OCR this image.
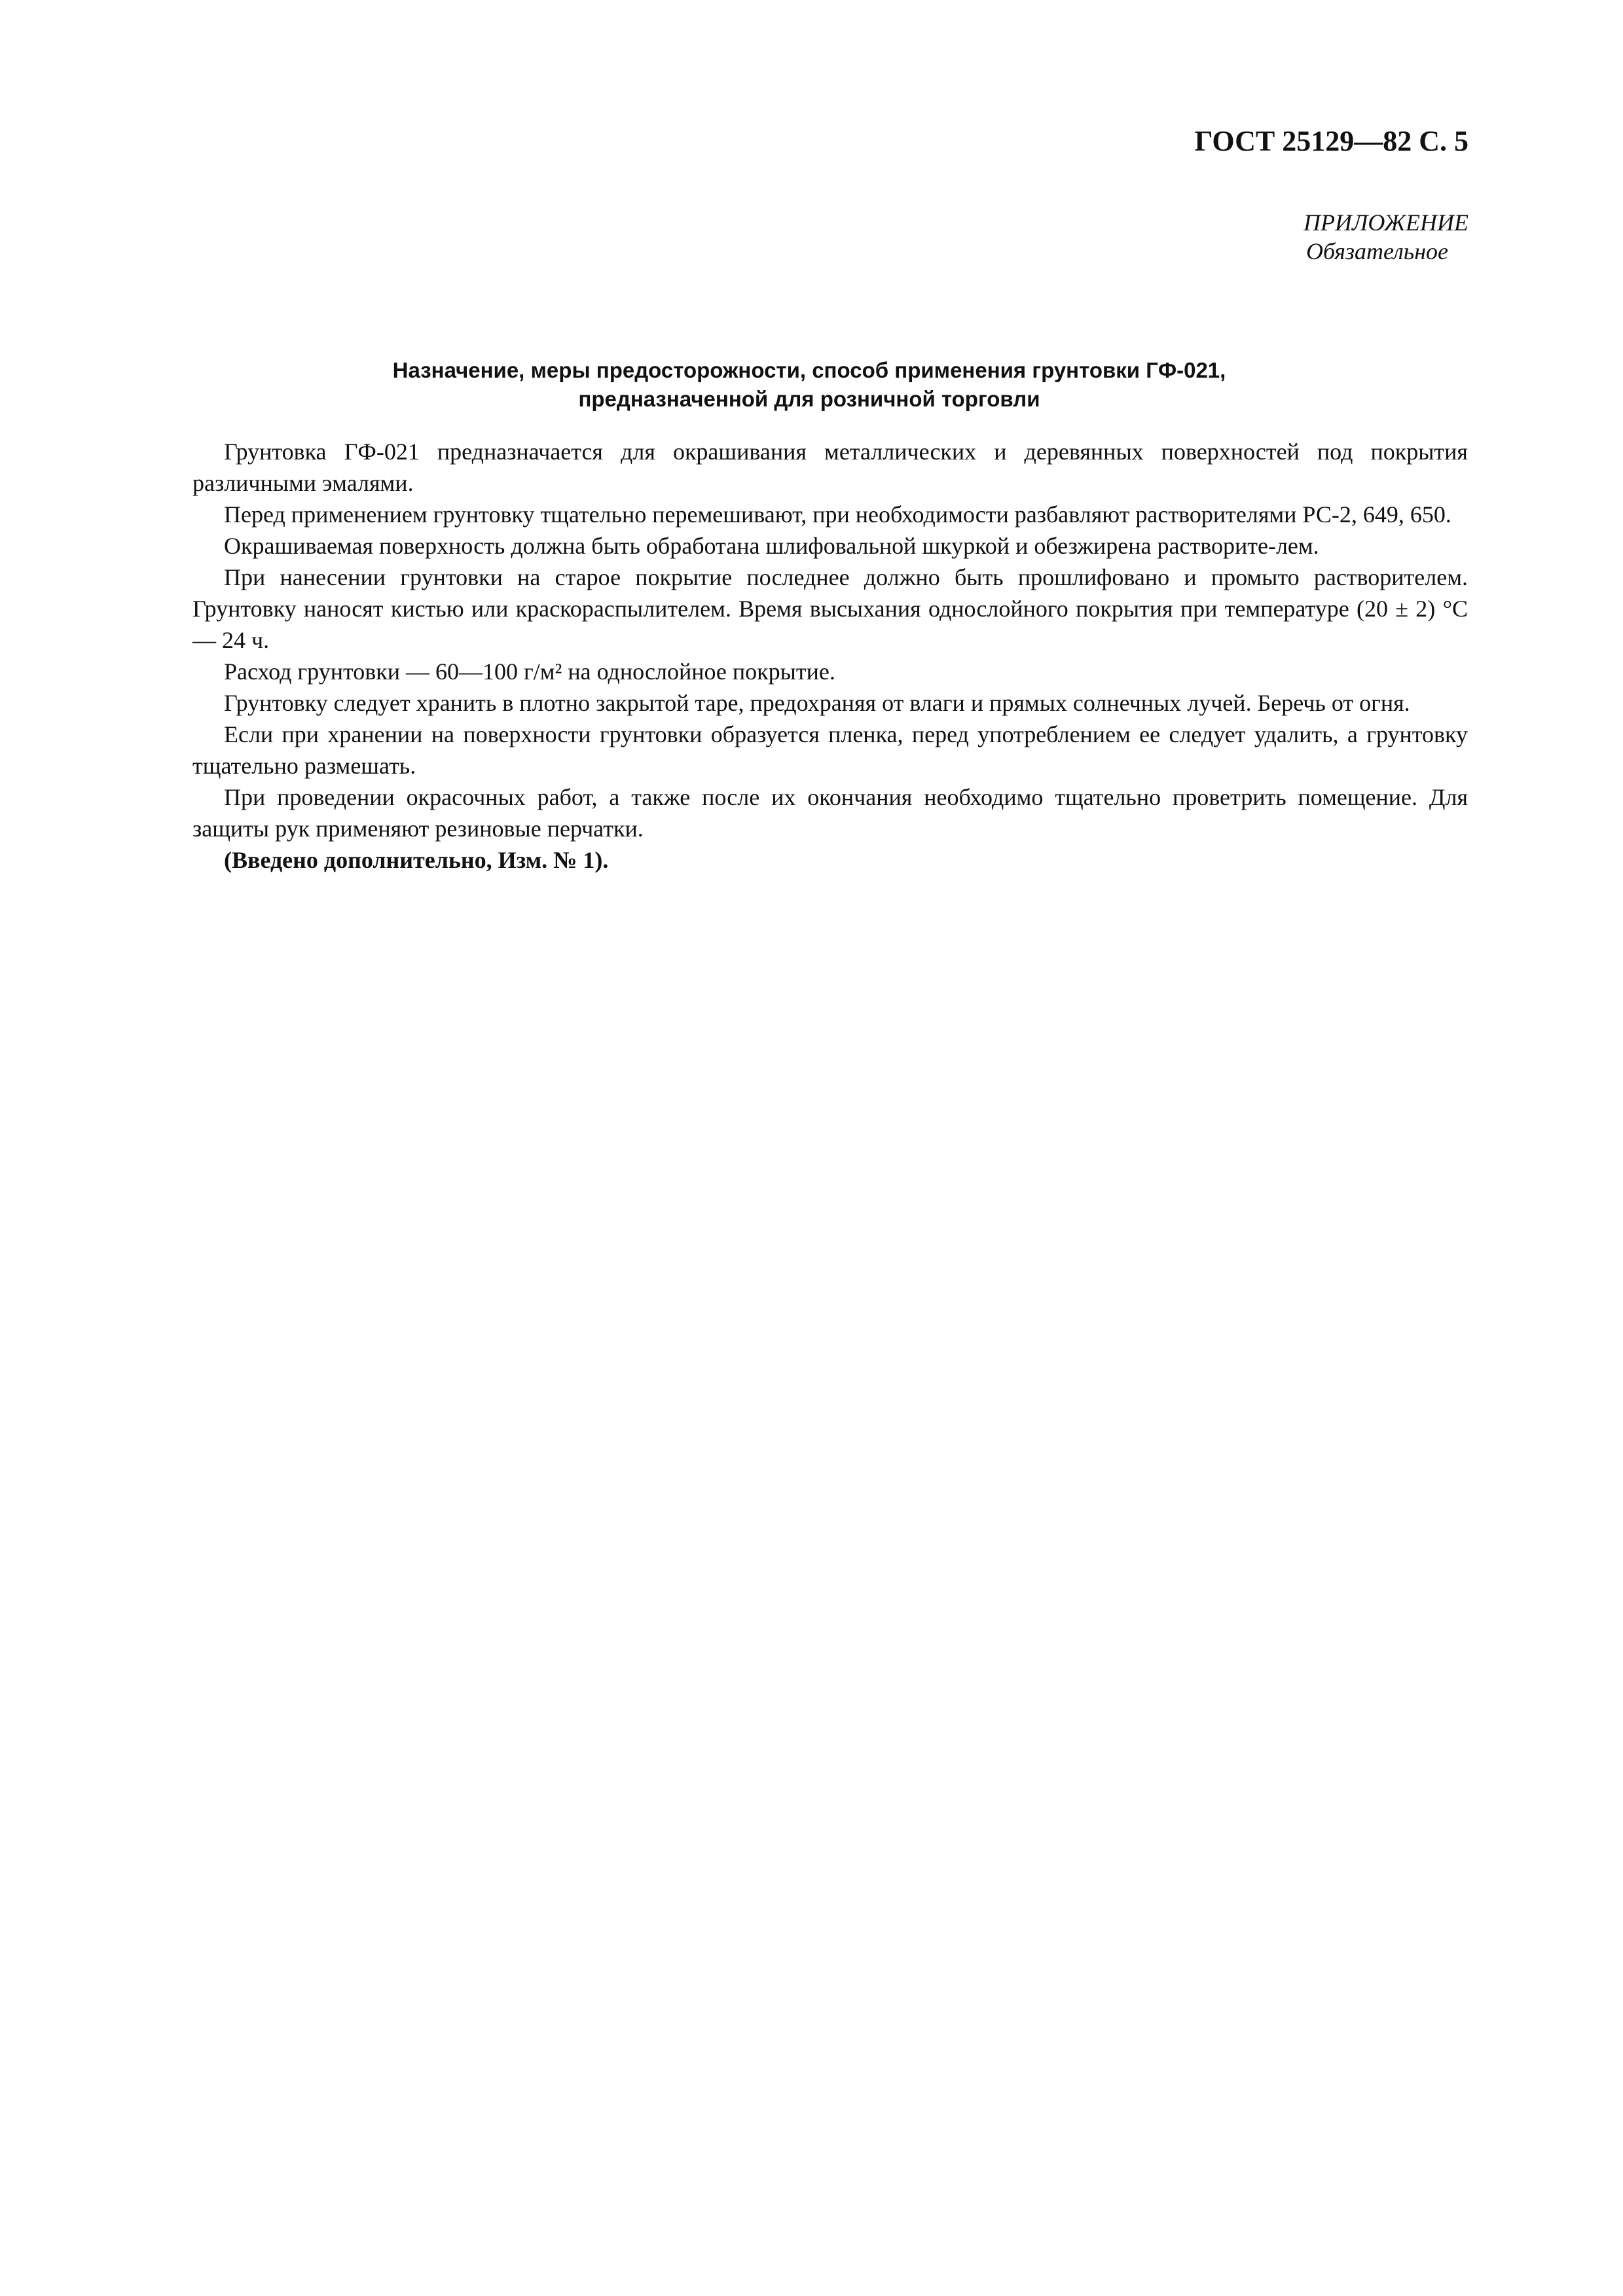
ГОСТ 25129—82 С. 5
ПРИЛОЖЕНИЕ
Обязательное
Назначение, меры предосторожности, способ применения грунтовки ГФ-021,
предназначенной для розничной торговли

Грунтовка ГФ-021 предназначается для окрашивания металлических и деревянных поверхностей под покрытия различными эмалями.

Перед применением грунтовку тщательно перемешивают, при необходимости разбавляют растворителями РС-2, 649, 650.

Окрашиваемая поверхность должна быть обработана шлифовальной шкуркой и обезжирена растворите-лем.

При нанесении грунтовки на старое покрытие последнее должно быть прошлифовано и промыто растворителем. Грунтовку наносят кистью или краскораспылителем. Время высыхания однослойного покрытия при температуре (20 ± 2) °С — 24 ч.

Расход грунтовки — 60—100 г/м² на однослойное покрытие.

Грунтовку следует хранить в плотно закрытой таре, предохраняя от влаги и прямых солнечных лучей. Беречь от огня.

Если при хранении на поверхности грунтовки образуется пленка, перед употреблением ее следует удалить, а грунтовку тщательно размешать.

При проведении окрасочных работ, а также после их окончания необходимо тщательно проветрить помещение. Для защиты рук применяют резиновые перчатки.

(Введено дополнительно, Изм. № 1).
